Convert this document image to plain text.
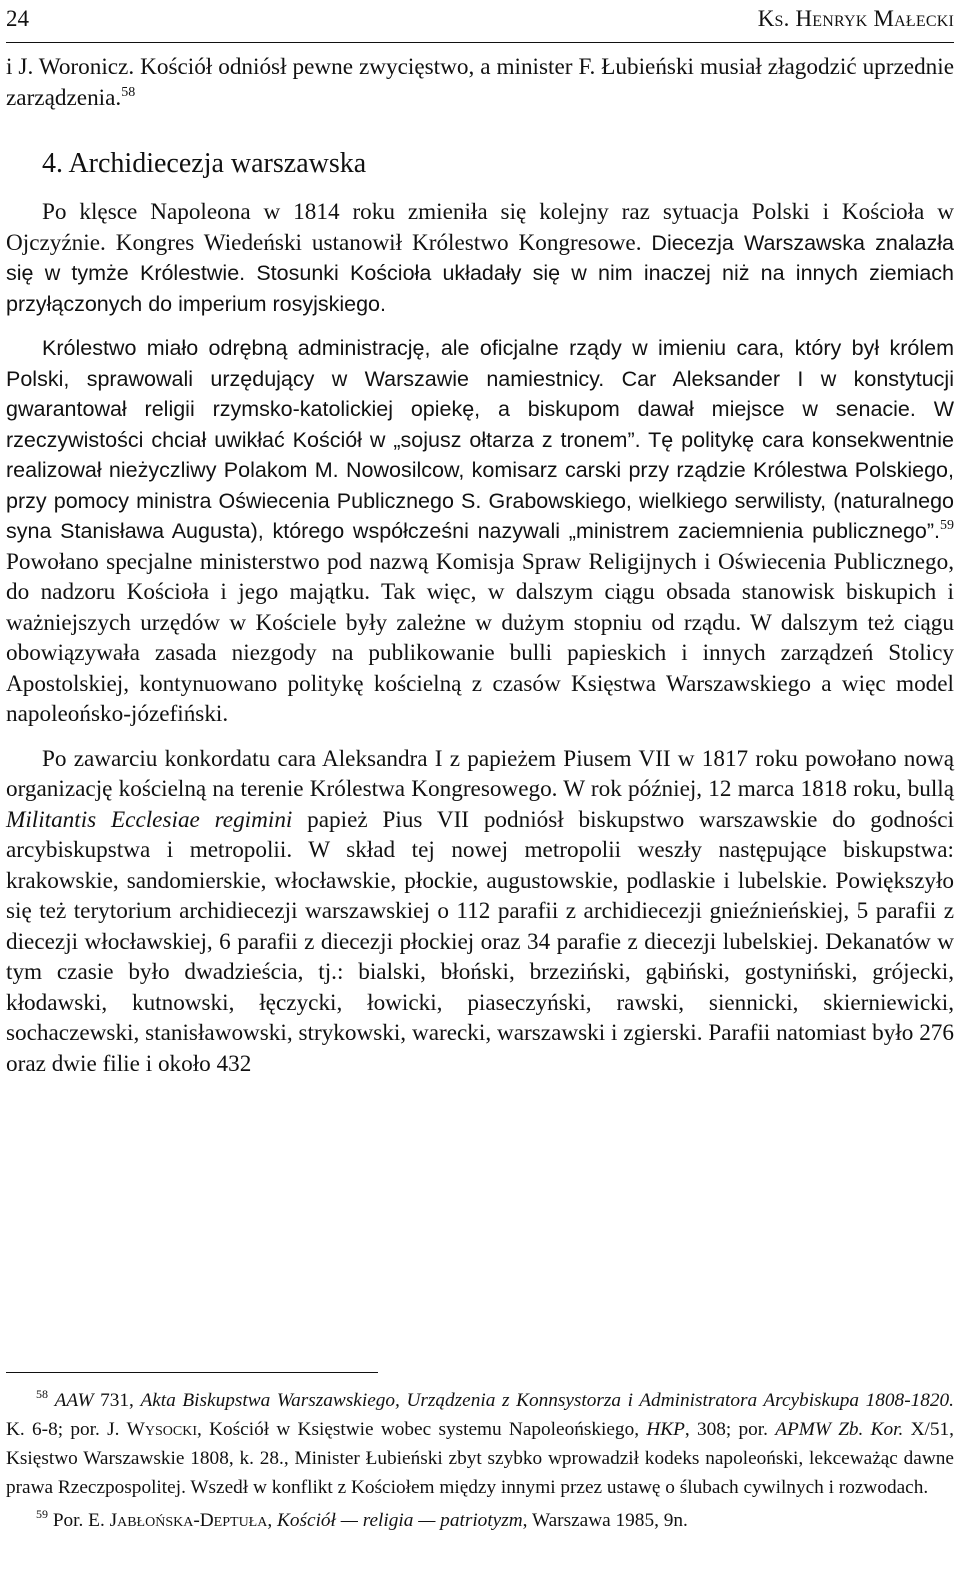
24	Ks. Henryk Małecki

i J. Woronicz. Kościół odniósł pewne zwycięstwo, a minister F. Łubieński musiał złagodzić uprzednie zarządzenia.$^{58}$

4. Archidiecezja warszawska

Po klęsce Napoleona w 1814 roku zmieniła się kolejny raz sytuacja Polski i Kościoła w Ojczyźnie. Kongres Wiedeński ustanowił Królestwo Kongresowe. Diecezja Warszawska znalazła się w tymże Królestwie. Stosunki Kościoła układały się w nim inaczej niż na innych ziemiach przyłączonych do imperium rosyjskiego.

Królestwo miało odrębną administrację, ale oficjalne rządy w imieniu cara, który był królem Polski, sprawowali urzędujący w Warszawie namiestnicy. Car Aleksander I w konstytucji gwarantował religii rzymsko-katolickiej opiekę, a biskupom dawał miejsce w senacie. W rzeczywistości chciał uwikłać Kościół w „sojusz ołtarza z tronem”. Tę politykę cara konsekwentnie realizował nieżyczliwy Polakom M. Nowosilcow, komisarz carski przy rządzie Królestwa Polskiego, przy pomocy ministra Oświecenia Publicznego S. Grabowskiego, wielkiego serwilisty, (naturalnego syna Stanisława Augusta), którego współcześni nazywali „ministrem zaciemnienia publicznego”.$^{59}$ Powołano specjalne ministerstwo pod nazwą Komisja Spraw Religijnych i Oświecenia Publicznego, do nadzoru Kościoła i jego majątku. Tak więc, w dalszym ciągu obsada stanowisk biskupich i ważniejszych urzędów w Kościele były zależne w dużym stopniu od rządu. W dalszym też ciągu obowiązywała zasada niezgody na publikowanie bulli papieskich i innych zarządzeń Stolicy Apostolskiej, kontynuowano politykę kościelną z czasów Księstwa Warszawskiego a więc model napoleońsko-józefiński.

Po zawarciu konkordatu cara Aleksandra I z papieżem Piusem VII w 1817 roku powołano nową organizację kościelną na terenie Królestwa Kongresowego. W rok później, 12 marca 1818 roku, bullą Militantis Ecclesiae regimini papież Pius VII podniósł biskupstwo warszawskie do godności arcybiskupstwa i metropolii. W skład tej nowej metropolii weszły następujące biskupstwa: krakowskie, sandomierskie, włocławskie, płockie, augustowskie, podlaskie i lubelskie. Powiększyło się też terytorium archidiecezji warszawskiej o 112 parafii z archidiecezji gnieźnieńskiej, 5 parafii z diecezji włocławskiej, 6 parafii z diecezji płockiej oraz 34 parafie z diecezji lubelskiej. Dekanatów w tym czasie było dwadzieścia, tj.: bialski, błoński, brzeziński, gąbiński, gostyniński, grójecki, kłodawski, kutnowski, łęczycki, łowicki, piaseczyński, rawski, siennicki, skierniewicki, sochaczewski, stanisławowski, strykowski, warecki, warszawski i zgierski. Parafii natomiast było 276 oraz dwie filie i około 432

$^{58}$ AAW 731, Akta Biskupstwa Warszawskiego, Urządzenia z Konnsystorza i Administratora Arcybiskupa 1808-1820. K. 6-8; por. J. Wysocki, Kościół w Księstwie wobec systemu Napoleońskiego, HKP, 308; por. APMW Zb. Kor. X/51, Księstwo Warszawskie 1808, k. 28., Minister Łubieński zbyt szybko wprowadził kodeks napoleoński, lekceważąc dawne prawa Rzeczpospolitej. Wszedł w konflikt z Kościołem między innymi przez ustawę o ślubach cywilnych i rozwodach.

$^{59}$ Por. E. Jabłońska-Deptuła, Kościół — religia — patriotyzm, Warszawa 1985, 9n.
